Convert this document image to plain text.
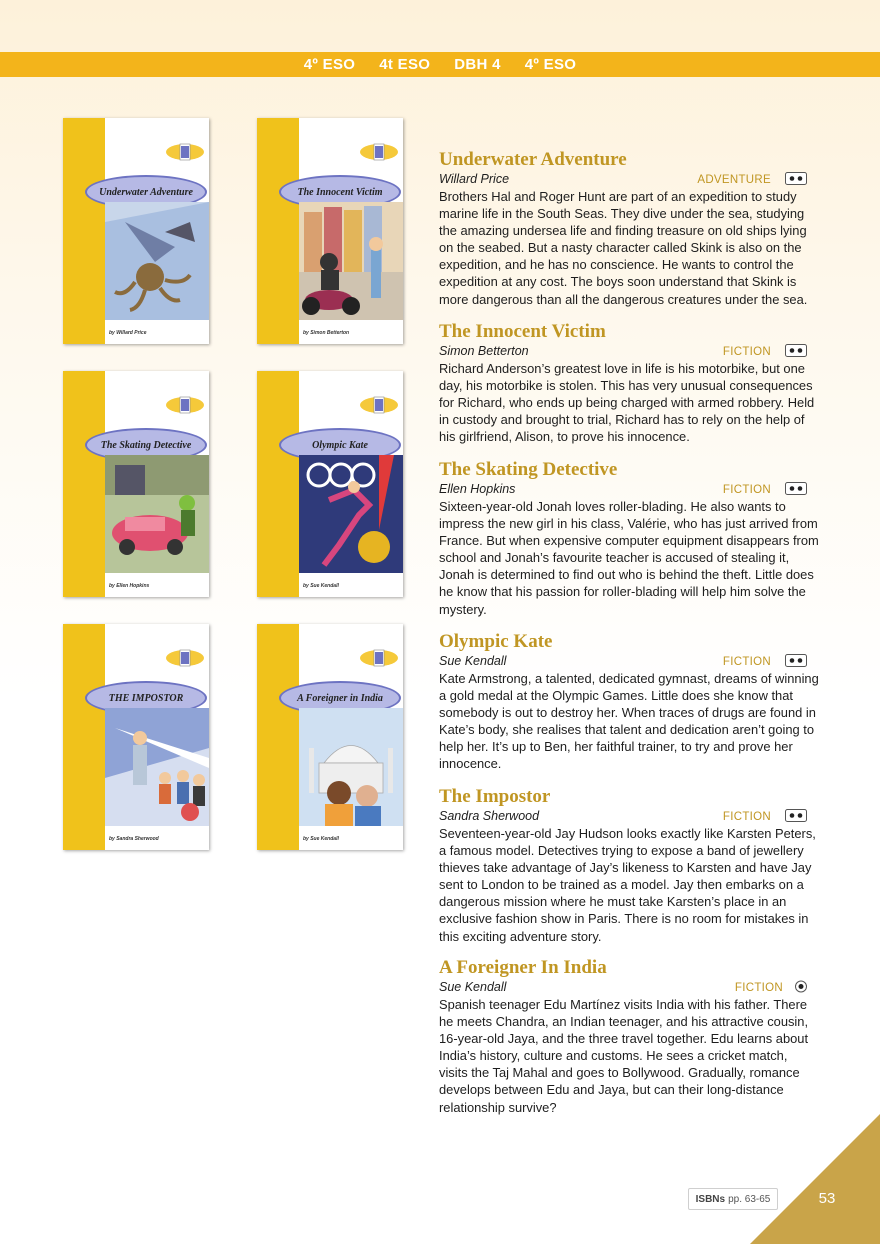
4º ESO 4t ESO DBH 4 4º ESO
Underwater Adventure
by Willard Price
The Innocent Victim
by Simon Betterton
The Skating Detective
by Ellen Hopkins
Olympic Kate
by Sue Kendall
THE IMPOSTOR
by Sandra Sherwood
A Foreigner in India
by Sue Kendall
Underwater Adventure
Willard Price	ADVENTURE

Brothers Hal and Roger Hunt are part of an expedition to study marine life in the South Seas. They dive under the sea, studying the amazing undersea life and finding treasure on old ships lying on the seabed. But a nasty character called Skink is also on the expedition, and he has no conscience. He wants to control the expedition at any cost. The boys soon understand that Skink is more dangerous than all the dangerous creatures under the sea.

The Innocent Victim
Simon Betterton	FICTION

Richard Anderson’s greatest love in life is his motorbike, but one day, his motorbike is stolen. This has very unusual consequences for Richard, who ends up being charged with armed robbery. Held in custody and brought to trial, Richard has to rely on the help of his girlfriend, Alison, to prove his innocence.

The Skating Detective
Ellen Hopkins	FICTION

Sixteen-year-old Jonah loves roller-blading. He also wants to impress the new girl in his class, Valérie, who has just arrived from France. But when expensive computer equipment disappears from school and Jonah’s favourite teacher is accused of stealing it, Jonah is determined to find out who is behind the theft. Little does he know that his passion for roller-blading will help him solve the mystery.

Olympic Kate
Sue Kendall	FICTION

Kate Armstrong, a talented, dedicated gymnast, dreams of winning a gold medal at the Olympic Games. Little does she know that somebody is out to destroy her. When traces of drugs are found in Kate’s body, she realises that talent and dedication aren’t going to help her. It’s up to Ben, her faithful trainer, to try and prove her innocence.

The Impostor
Sandra Sherwood	FICTION

Seventeen-year-old Jay Hudson looks exactly like Karsten Peters, a famous model. Detectives trying to expose a band of jewellery thieves take advantage of Jay’s likeness to Karsten and have Jay sent to London to be trained as a model. Jay then embarks on a dangerous mission where he must take Karsten’s place in an exclusive fashion show in Paris. There is no room for mistakes in this exciting adventure story.

A Foreigner In India
Sue Kendall	FICTION

Spanish teenager Edu Martínez visits India with his father. There he meets Chandra, an Indian teenager, and his attractive cousin, 16-year-old Jaya, and the three travel together. Edu learns about India’s history, culture and customs. He sees a cricket match, visits the Taj Mahal and goes to Bollywood. Gradually, romance develops between Edu and Jaya, but can their long-distance relationship survive?

ISBNs pp. 63-65	53
